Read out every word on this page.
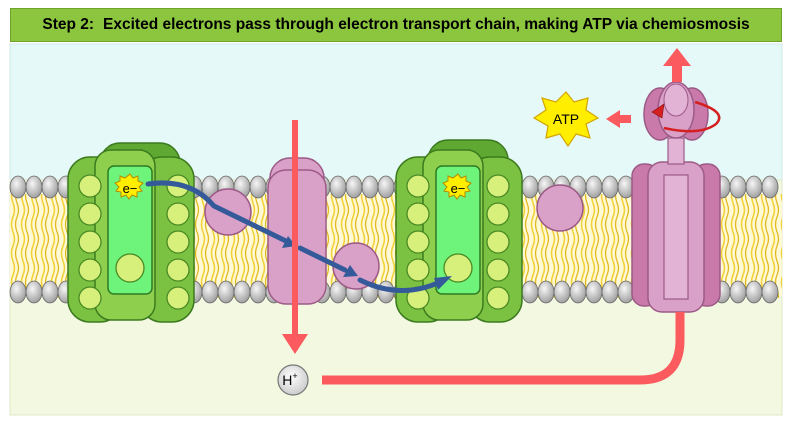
Step 2: Excited electrons pass through electron transport chain, making ATP via chemiosmosis
e−	e−
H+
ATP
